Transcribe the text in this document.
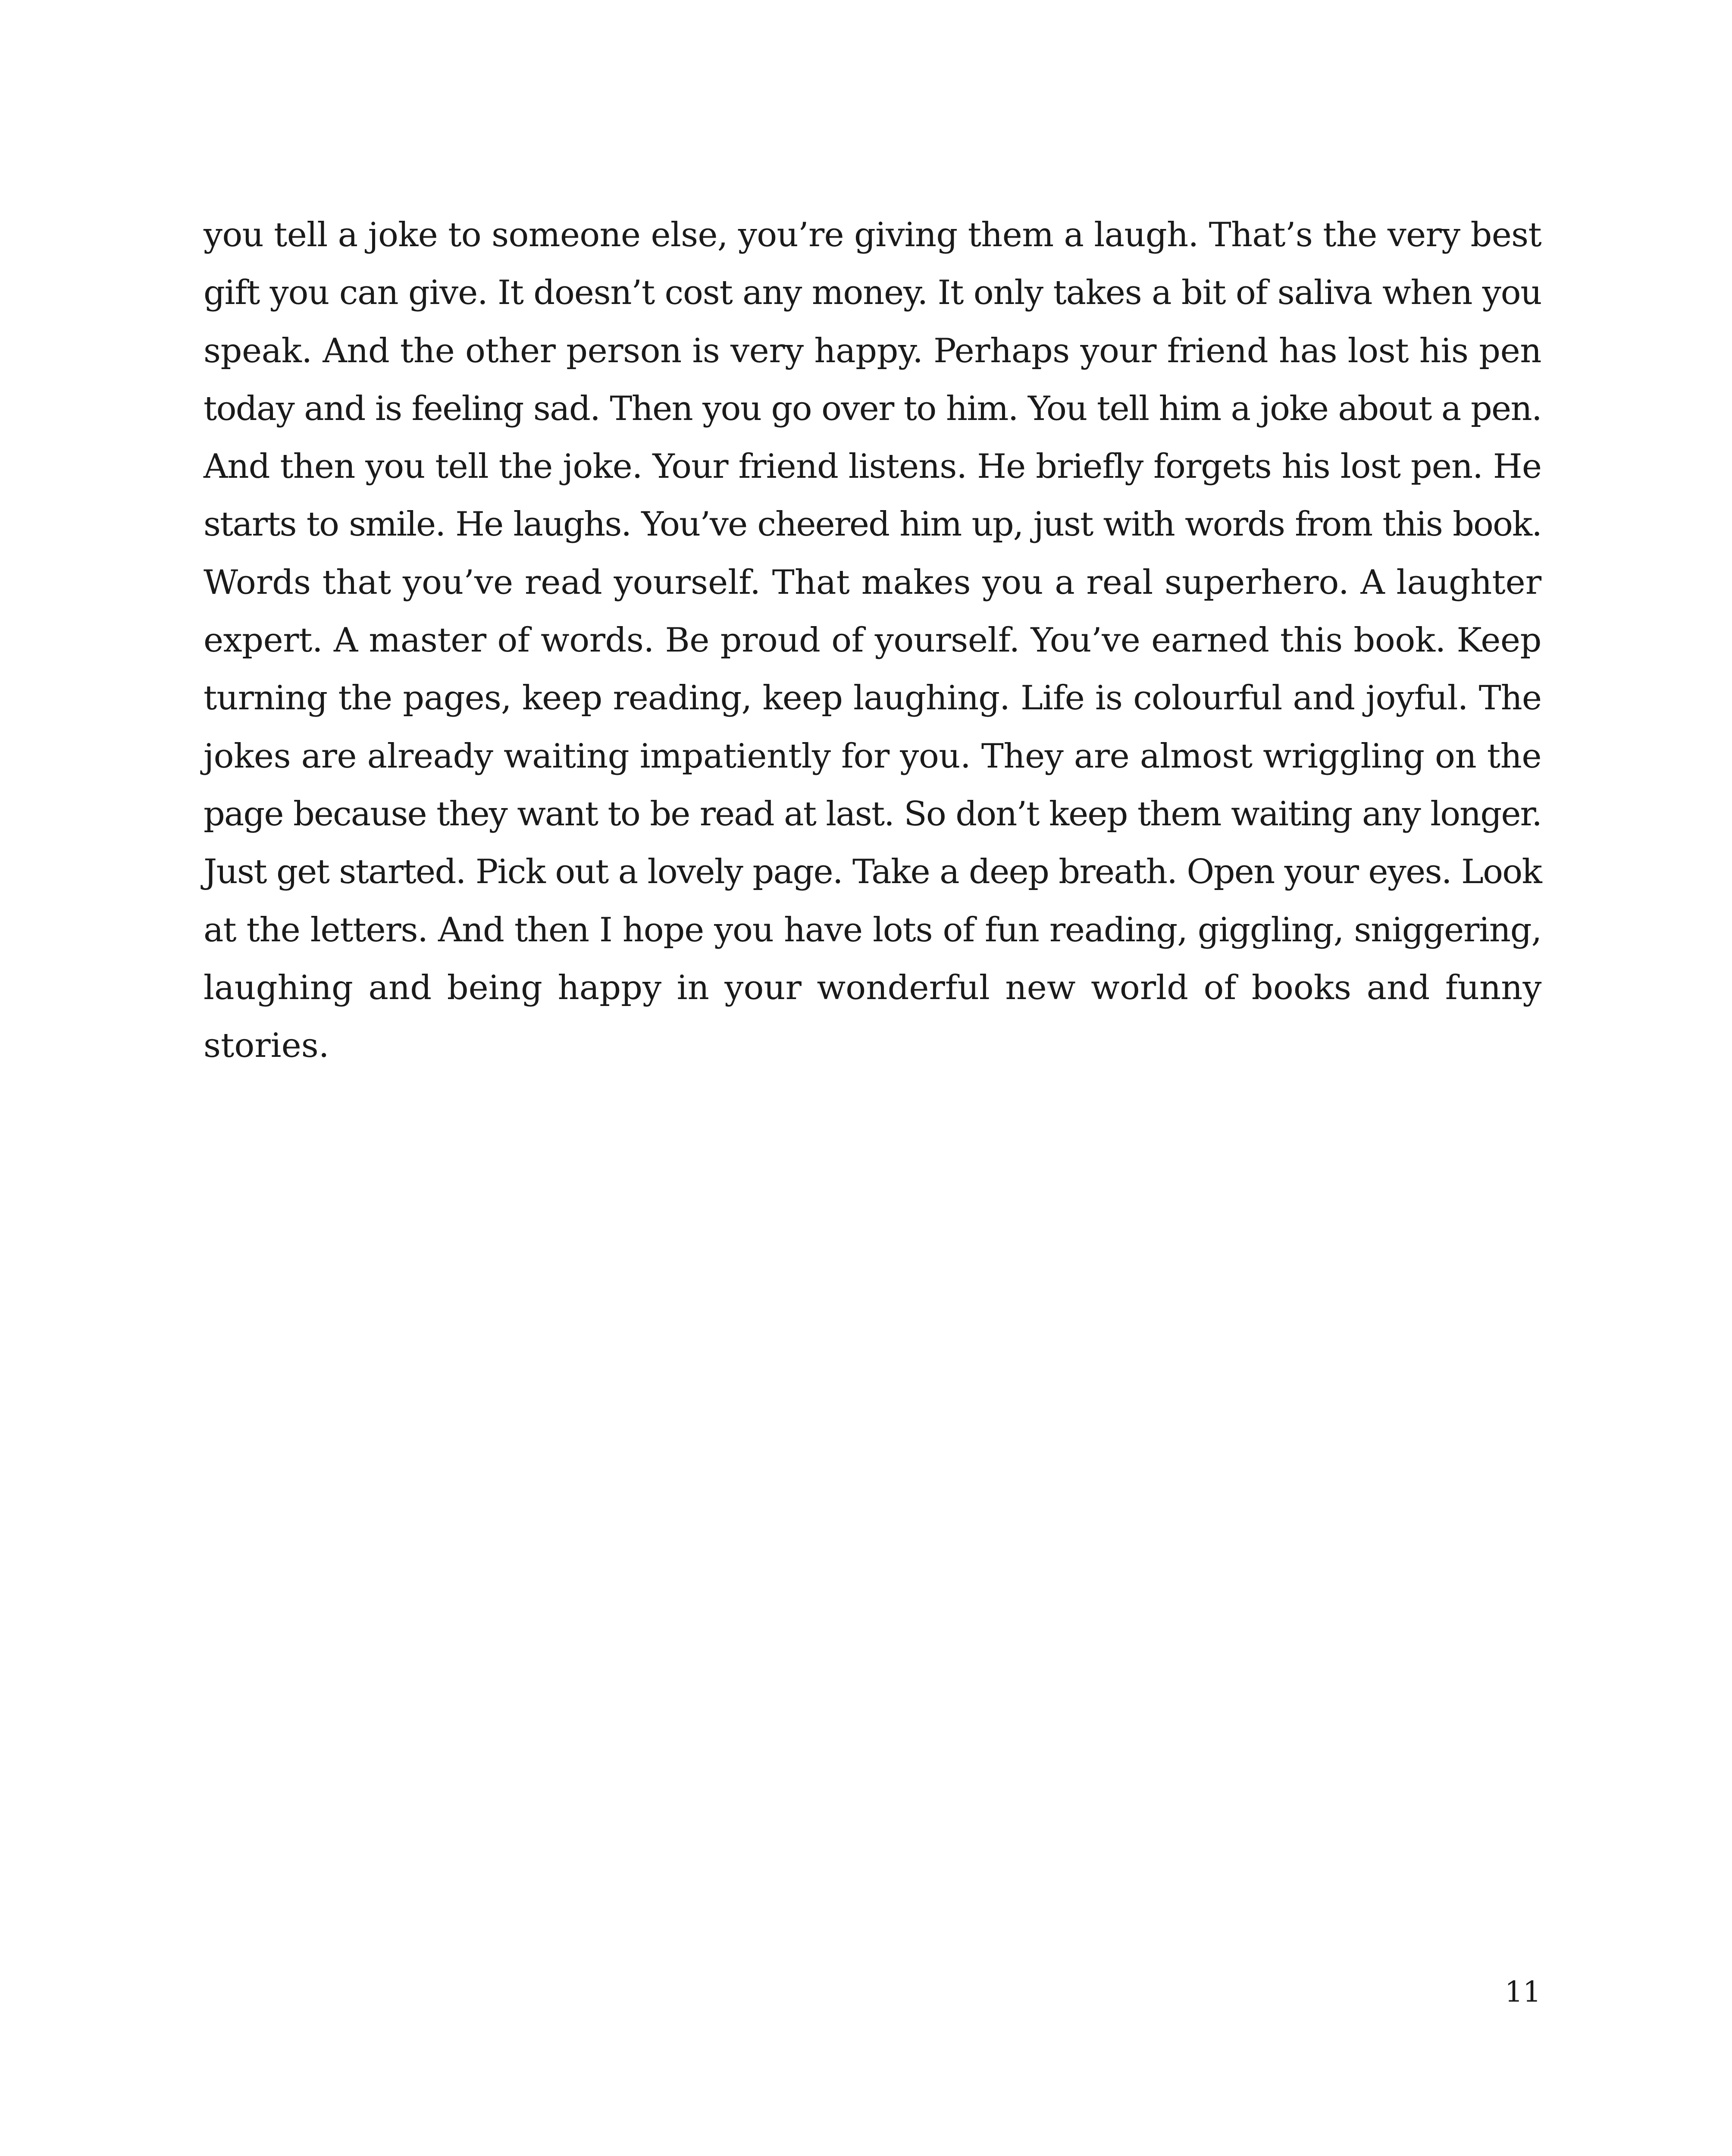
you tell a joke to someone else, you’re giving them a laugh. That’s the very best
gift you can give. It doesn’t cost any money. It only takes a bit of saliva when you
speak. And the other person is very happy. Perhaps your friend has lost his pen
today and is feeling sad. Then you go over to him. You tell him a joke about a pen.
And then you tell the joke. Your friend listens. He briefly forgets his lost pen. He
starts to smile. He laughs. You’ve cheered him up, just with words from this book.
Words that you’ve read yourself. That makes you a real superhero. A laughter
expert. A master of words. Be proud of yourself. You’ve earned this book. Keep
turning the pages, keep reading, keep laughing. Life is colourful and joyful. The
jokes are already waiting impatiently for you. They are almost wriggling on the
page because they want to be read at last. So don’t keep them waiting any longer.
Just get started. Pick out a lovely page. Take a deep breath. Open your eyes. Look
at the letters. And then I hope you have lots of fun reading, giggling, sniggering,
laughing and being happy in your wonderful new world of books and funny
stories.

11
